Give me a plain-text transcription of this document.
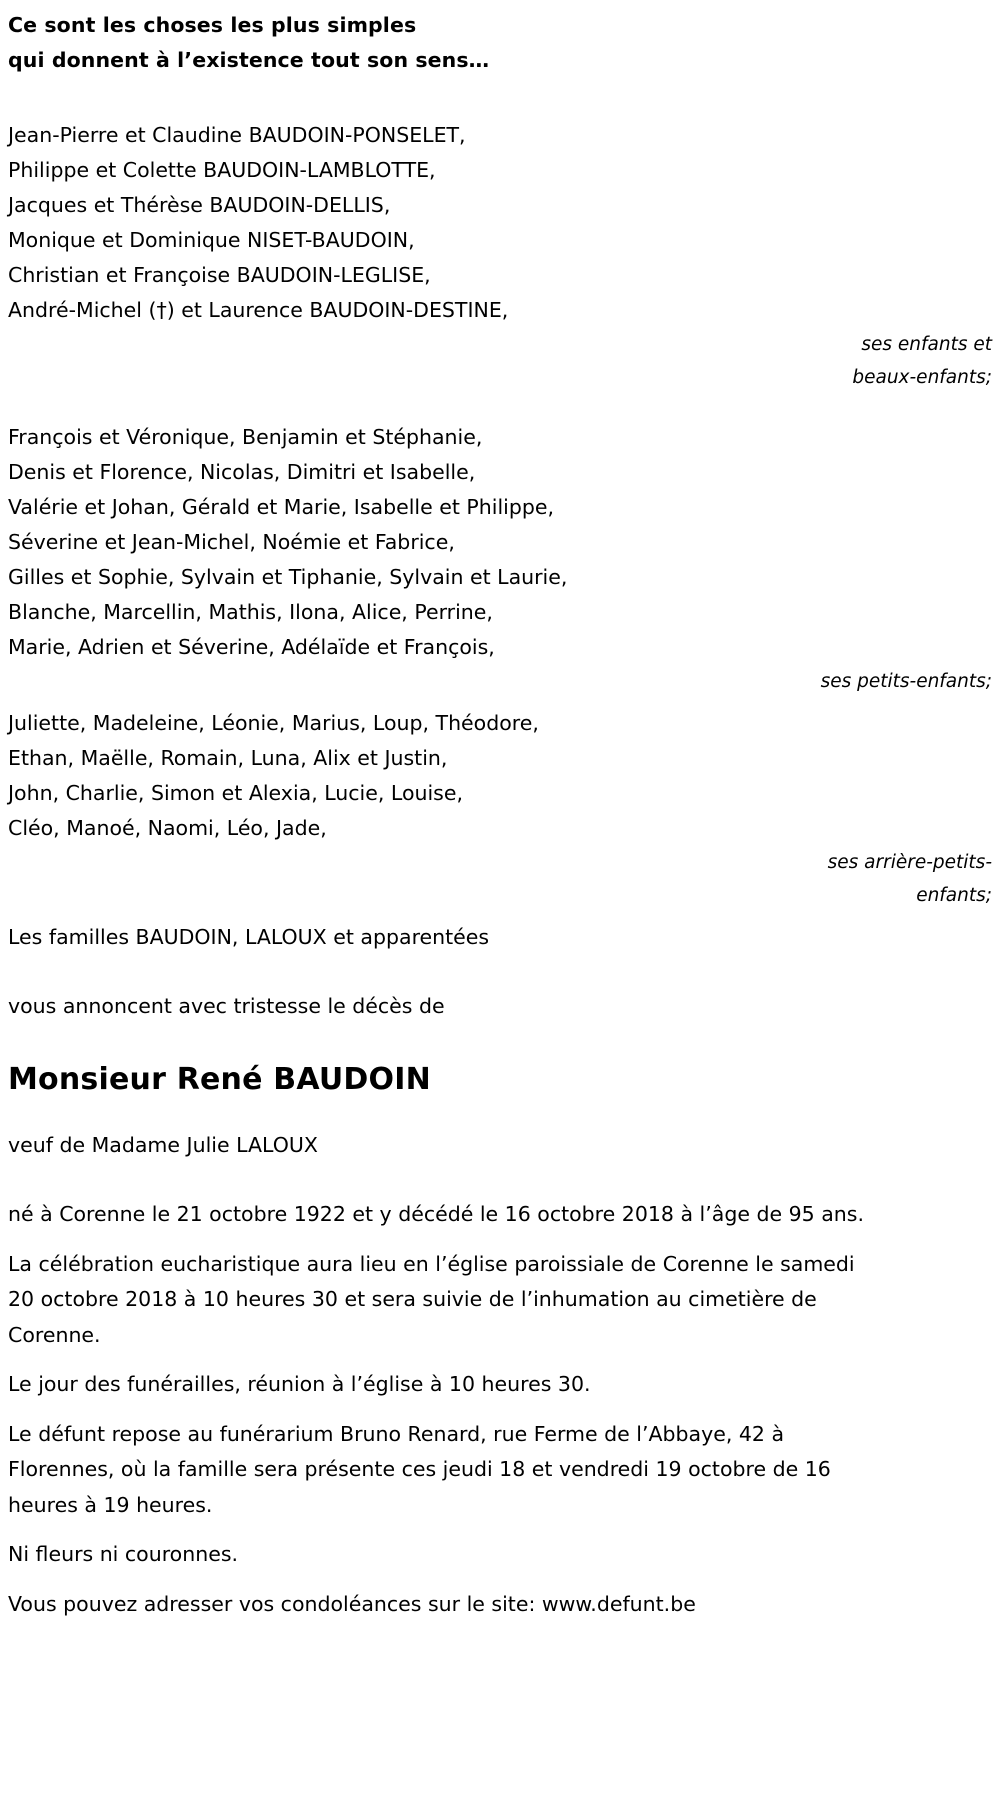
Ce sont les choses les plus simples
qui donnent à l’existence tout son sens…
Jean-Pierre et Claudine BAUDOIN-PONSELET,
Philippe et Colette BAUDOIN-LAMBLOTTE,
Jacques et Thérèse BAUDOIN-DELLIS,
Monique et Dominique NISET-BAUDOIN,
Christian et Françoise BAUDOIN-LEGLISE,
André-Michel (†) et Laurence BAUDOIN-DESTINE,
ses enfants et
beaux-enfants;
François et Véronique, Benjamin et Stéphanie,
Denis et Florence, Nicolas, Dimitri et Isabelle,
Valérie et Johan, Gérald et Marie, Isabelle et Philippe,
Séverine et Jean-Michel, Noémie et Fabrice,
Gilles et Sophie, Sylvain et Tiphanie, Sylvain et Laurie,
Blanche, Marcellin, Mathis, Ilona, Alice, Perrine,
Marie, Adrien et Séverine, Adélaïde et François,
ses petits-enfants;
Juliette, Madeleine, Léonie, Marius, Loup, Théodore,
Ethan, Maëlle, Romain, Luna, Alix et Justin,
John, Charlie, Simon et Alexia, Lucie, Louise,
Cléo, Manoé, Naomi, Léo, Jade,
ses arrière-petits-
enfants;
Les familles BAUDOIN, LALOUX et apparentées
vous annoncent avec tristesse le décès de
Monsieur René BAUDOIN
veuf de Madame Julie LALOUX
né à Corenne le 21 octobre 1922 et y décédé le 16 octobre 2018 à l’âge de 95 ans.
La célébration eucharistique aura lieu en l’église paroissiale de Corenne le samedi 20 octobre 2018 à 10 heures 30 et sera suivie de l’inhumation au cimetière de Corenne.
Le jour des funérailles, réunion à l’église à 10 heures 30.
Le défunt repose au funérarium Bruno Renard, rue Ferme de l’Abbaye, 42 à Florennes, où la famille sera présente ces jeudi 18 et vendredi 19 octobre de 16 heures à 19 heures.
Ni fleurs ni couronnes.
Vous pouvez adresser vos condoléances sur le site: www.defunt.be
